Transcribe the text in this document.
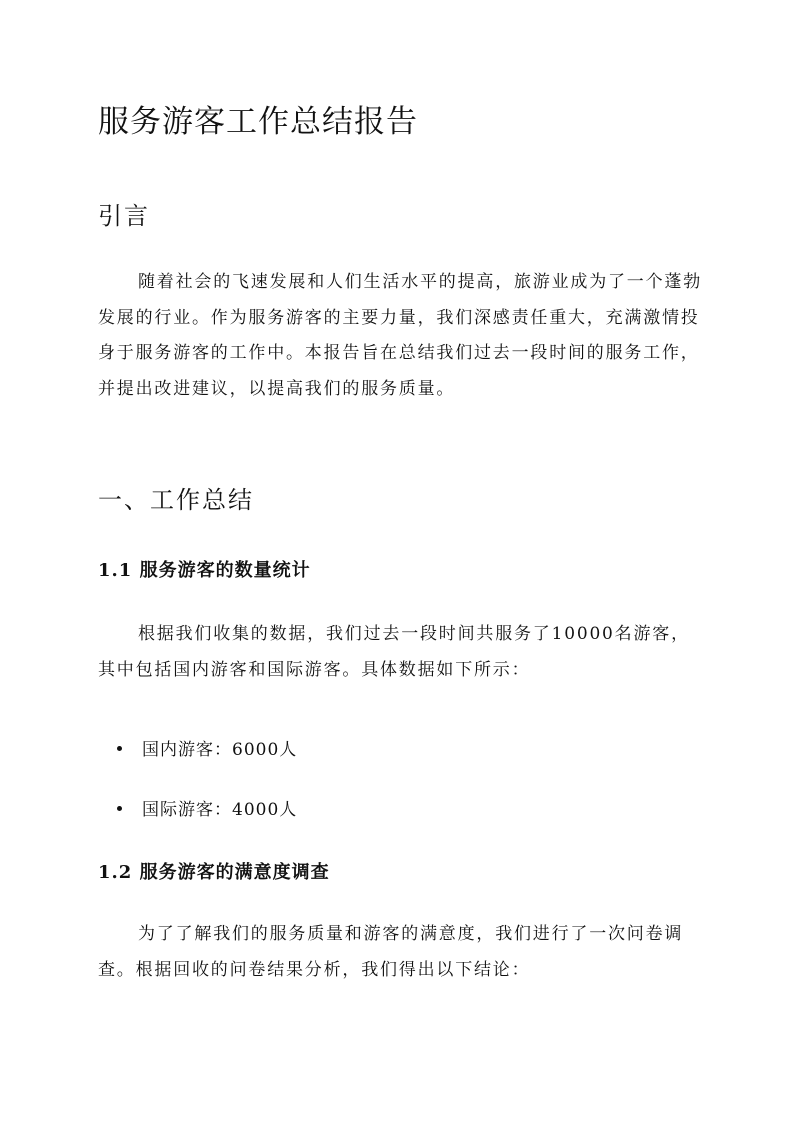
服务游客工作总结报告
引言

随着社会的飞速发展和人们生活水平的提高，旅游业成为了一个蓬勃发展的行业。作为服务游客的主要力量，我们深感责任重大，充满激情投身于服务游客的工作中。本报告旨在总结我们过去一段时间的服务工作，并提出改进建议，以提高我们的服务质量。

一、工作总结
1.1 服务游客的数量统计

根据我们收集的数据，我们过去一段时间共服务了10000名游客，其中包括国内游客和国际游客。具体数据如下所示：

国内游客：6000人
国际游客：4000人
1.2 服务游客的满意度调查

为了了解我们的服务质量和游客的满意度，我们进行了一次问卷调查。根据回收的问卷结果分析，我们得出以下结论：
